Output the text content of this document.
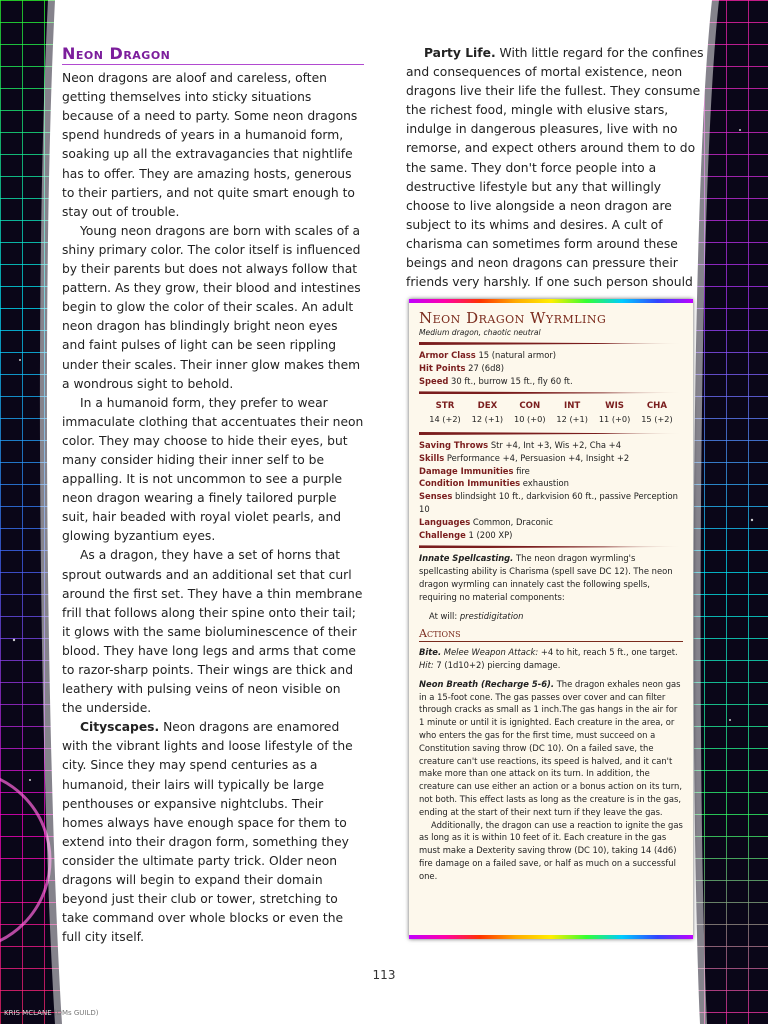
Neon Dragon

Neon dragons are aloof and careless, often getting themselves into sticky situations because of a need to party. Some neon dragons spend hundreds of years in a humanoid form, soaking up all the extravagancies that nightlife has to offer. They are amazing hosts, generous to their partiers, and not quite smart enough to stay out of trouble.

Young neon dragons are born with scales of a shiny primary color. The color itself is influenced by their parents but does not always follow that pattern. As they grow, their blood and intestines begin to glow the color of their scales. An adult neon dragon has blindingly bright neon eyes and faint pulses of light can be seen rippling under their scales. Their inner glow makes them a wondrous sight to behold.

In a humanoid form, they prefer to wear immaculate clothing that accentuates their neon color. They may choose to hide their eyes, but many consider hiding their inner self to be appalling. It is not uncommon to see a purple neon dragon wearing a finely tailored purple suit, hair beaded with royal violet pearls, and glowing byzantium eyes.

As a dragon, they have a set of horns that sprout outwards and an additional set that curl around the first set. They have a thin membrane frill that follows along their spine onto their tail; it glows with the same bioluminescence of their blood. They have long legs and arms that come to razor-sharp points. Their wings are thick and leathery with pulsing veins of neon visible on the underside.

Cityscapes. Neon dragons are enamored with the vibrant lights and loose lifestyle of the city. Since they may spend centuries as a humanoid, their lairs will typically be large penthouses or expansive nightclubs. Their homes always have enough space for them to extend into their dragon form, something they consider the ultimate party trick. Older neon dragons will begin to expand their domain beyond just their club or tower, stretching to take command over whole blocks or even the full city itself.

Party Life. With little regard for the confines and consequences of mortal existence, neon dragons live their life the fullest. They consume the richest food, mingle with elusive stars, indulge in dangerous pleasures, live with no remorse, and expect others around them to do the same. They don't force people into a destructive lifestyle but any that willingly choose to live alongside a neon dragon are subject to its whims and desires. A cult of charisma can sometimes form around these beings and neon dragons can pressure their friends very harshly. If one such person should

Neon Dragon Wyrmling
Medium dragon, chaotic neutral
Armor Class 15 (natural armor)
Hit Points 27 (6d8)
Speed 30 ft., burrow 15 ft., fly 60 ft.
STR
14 (+2)
DEX
12 (+1)
CON
10 (+0)
INT
12 (+1)
WIS
11 (+0)
CHA
15 (+2)
Saving Throws Str +4, Int +3, Wis +2, Cha +4
Skills Performance +4, Persuasion +4, Insight +2
Damage Immunities fire
Condition Immunities exhaustion
Senses blindsight 10 ft., darkvision 60 ft., passive Perception 10
Languages Common, Draconic
Challenge 1 (200 XP)

Innate Spellcasting. The neon dragon wyrmling's spellcasting ability is Charisma (spell save DC 12). The neon dragon wyrmling can innately cast the following spells, requiring no material components:

At will: prestidigitation

Actions

Bite. Melee Weapon Attack: +4 to hit, reach 5 ft., one target. Hit: 7 (1d10+2) piercing damage.

Neon Breath (Recharge 5-6). The dragon exhales neon gas in a 15-foot cone. The gas passes over cover and can filter through cracks as small as 1 inch.The gas hangs in the air for 1 minute or until it is ignighted. Each creature in the area, or who enters the gas for the first time, must succeed on a Constitution saving throw (DC 10). On a failed save, the creature can't use reactions, its speed is halved, and it can't make more than one attack on its turn. In addition, the creature can use either an action or a bonus action on its turn, not both. This effect lasts as long as the creature is in the gas, ending at the start of their next turn if they leave the gas.

Additionally, the dragon can use a reaction to ignite the gas as long as it is within 10 feet of it. Each creature in the gas must make a Dexterity saving throw (DC 10), taking 14 (4d6) fire damage on a failed save, or half as much on a successful one.

113
KRIS MCLANE (DMs GUILD)
